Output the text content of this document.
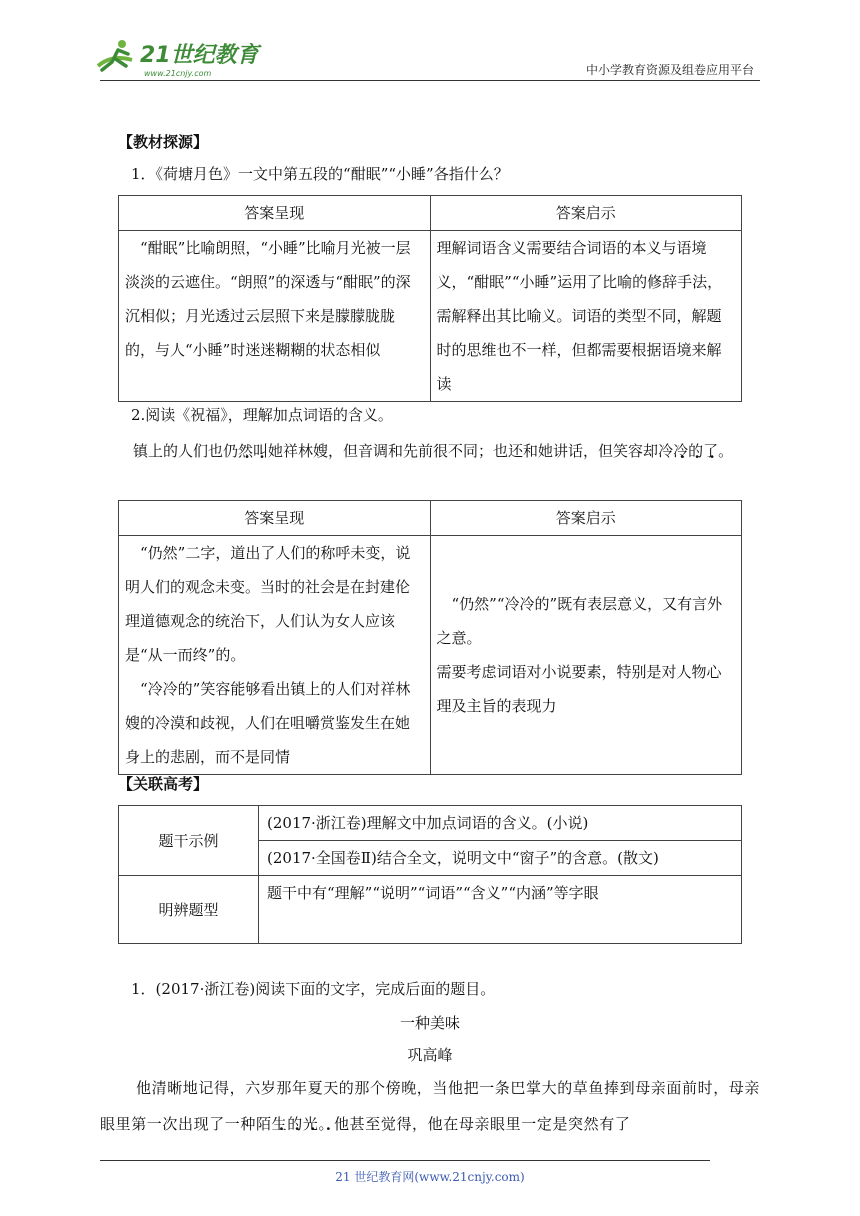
21世纪教育
www.21cnjy.com	中小学教育资源及组卷应用平台
【教材探源】
1．《荷塘月色》一文中第五段的“酣眠”“小睡”各指什么？
答案呈现	答案启示

“酣眠”比喻朗照，“小睡”比喻月光被一层淡淡的云遮住。“朗照”的深透与“酣眠”的深沉相似；月光透过云层照下来是朦朦胧胧的，与人“小睡”时迷迷糊糊的状态相似	理解词语含义需要结合词语的本义与语境义，“酣眠”“小睡”运用了比喻的修辞手法，需解释出其比喻义。词语的类型不同，解题时的思维也不一样，但都需要根据语境来解读
2.阅读《祝福》，理解加点词语的含义。
镇上的人们也仍然叫她祥林嫂，但音调和先前很不同；也还和她讲话，但笑容却冷冷的了。
答案呈现	答案启示

“仍然”二字，道出了人们的称呼未变，说明人们的观念未变。当时的社会是在封建伦理道德观念的统治下，人们认为女人应该是“从一而终”的。
“冷冷的”笑容能够看出镇上的人们对祥林嫂的冷漠和歧视，人们在咀嚼赏鉴发生在她身上的悲剧，而不是同情	“仍然”“冷冷的”既有表层意义，又有言外之意。
需要考虑词语对小说要素，特别是对人物心理及主旨的表现力
【关联高考】
题干示例	(2017·浙江卷)理解文中加点词语的含义。(小说)
	(2017·全国卷Ⅱ)结合全文，说明文中“窗子”的含意。(散文)
明辨题型	题干中有“理解”“说明”“词语”“含义”“内涵”等字眼
1．(2017·浙江卷)阅读下面的文字，完成后面的题目。
一种美味
巩高峰
他清晰地记得，六岁那年夏天的那个傍晚，当他把一条巴掌大的草鱼捧到母亲面前时，母亲眼里第一次出现了一种陌生的光。他甚至觉得，他在母亲眼里一定是突然有了
21 世纪教育网(www.21cnjy.com)
